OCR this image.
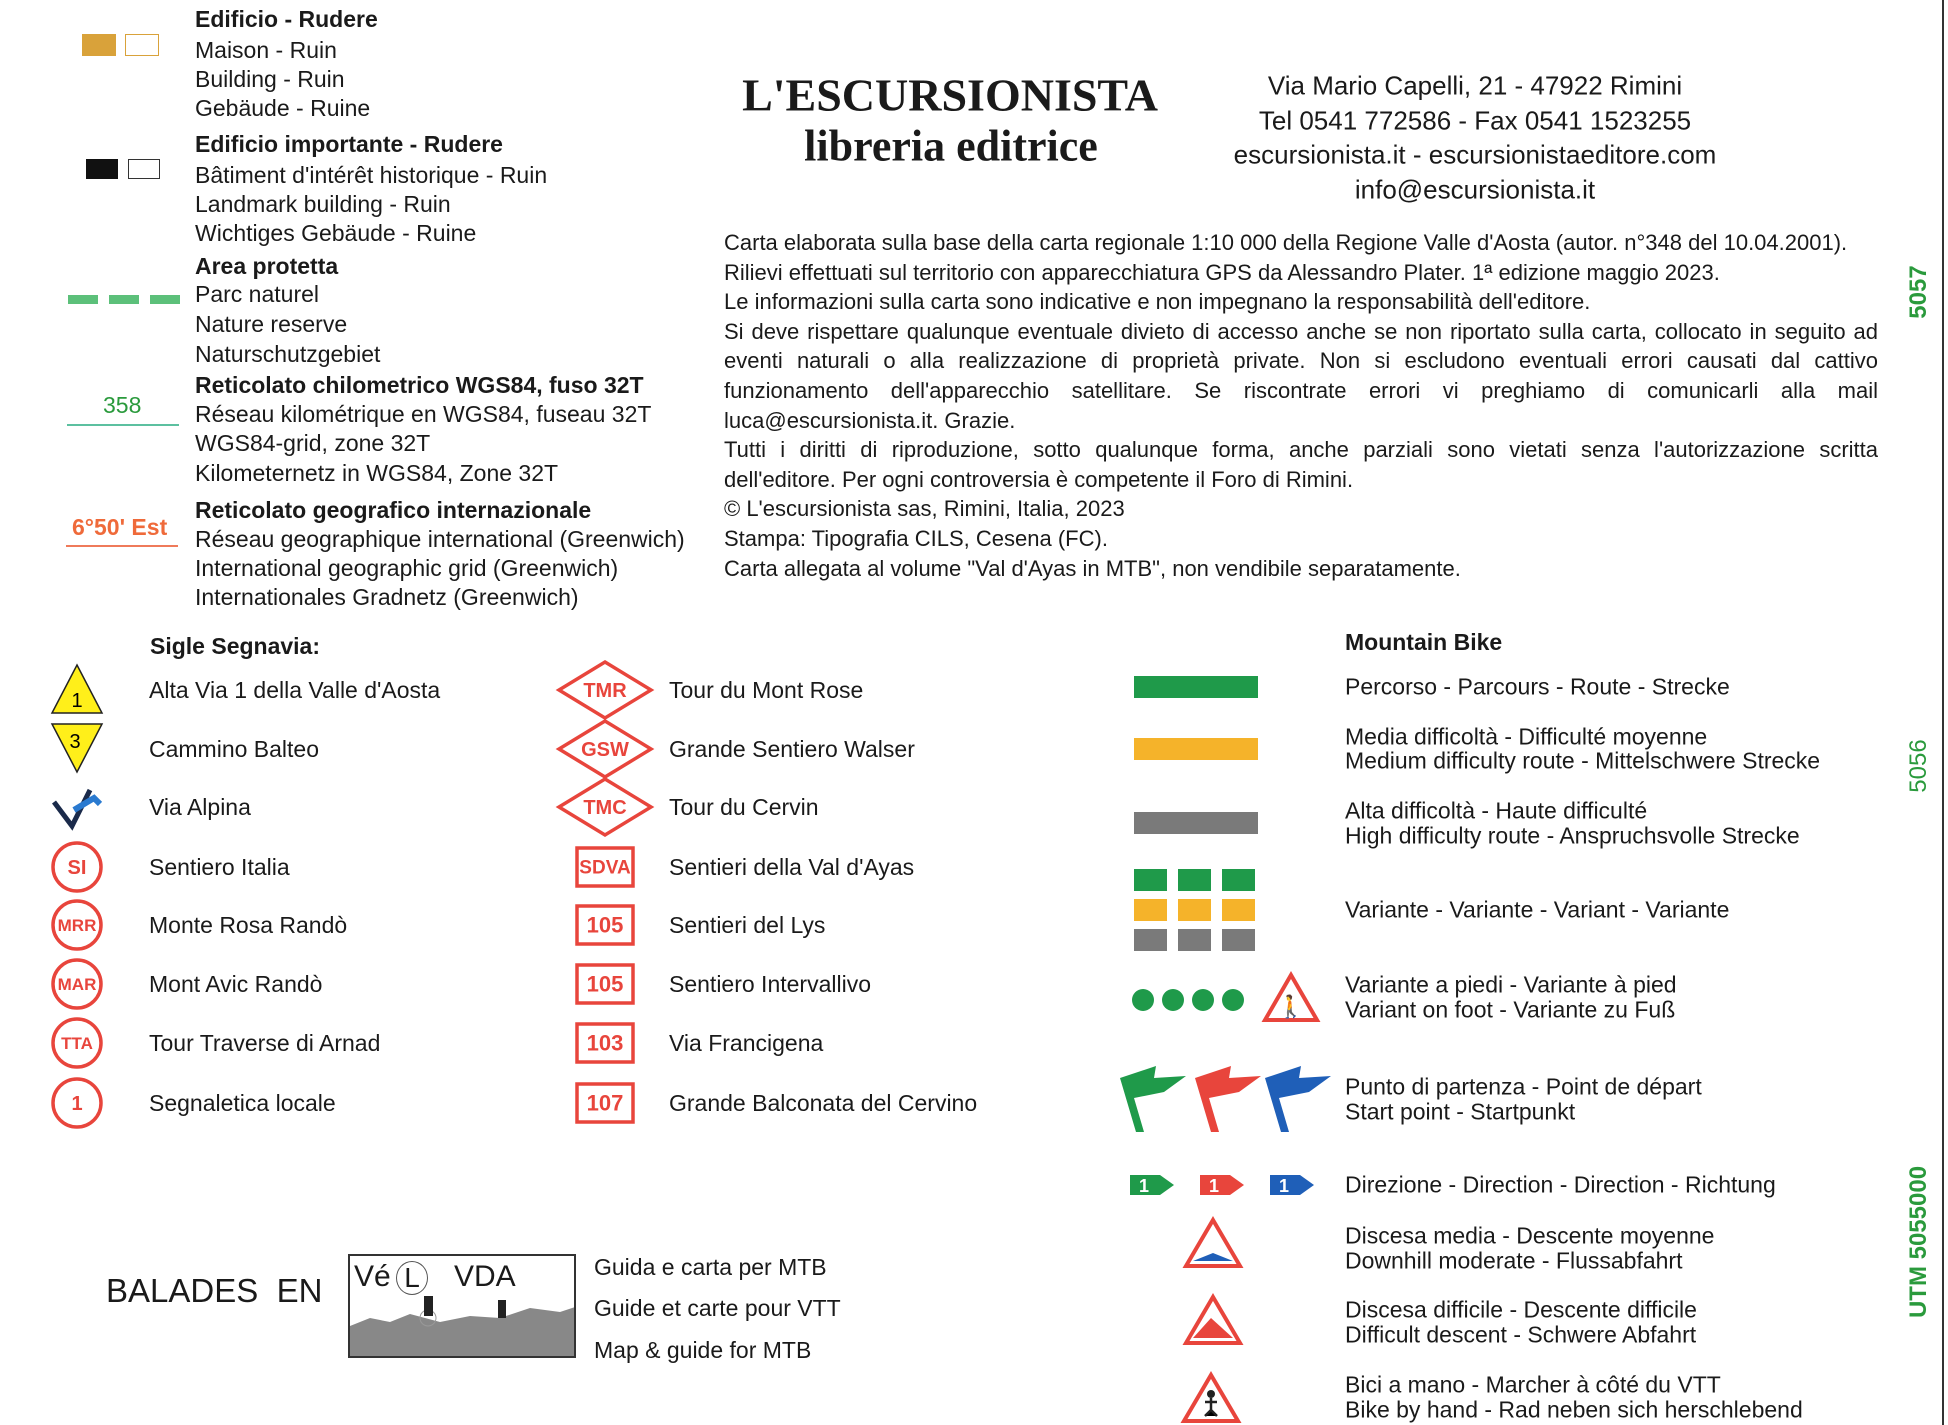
358
6°50' Est
Edificio - Rudere
Maison - Ruin
Building - Ruin
Gebäude - Ruine
Edificio importante - Rudere
Bâtiment d'intérêt historique - Ruin
Landmark building - Ruin
Wichtiges Gebäude - Ruine
Area protetta
Parc naturel
Nature reserve
Naturschutzgebiet
Reticolato chilometrico WGS84, fuso 32T
Réseau kilométrique en WGS84, fuseau 32T
WGS84-grid, zone 32T
Kilometernetz in WGS84, Zone 32T
Reticolato geografico internazionale
Réseau geographique international (Greenwich)
International geographic grid (Greenwich)
Internationales Gradnetz (Greenwich)
L'ESCURSIONISTA
libreria editrice
Via Mario Capelli, 21 - 47922 Rimini
Tel 0541 772586 - Fax 0541 1523255
escursionista.it - escursionistaeditore.com
info@escursionista.it

Carta elaborata sulla base della carta regionale 1:10 000 della Regione Valle d'Aosta (autor. n°348 del 10.04.2001).

Rilievi effettuati sul territorio con apparecchiatura GPS da Alessandro Plater. 1ª edizione maggio 2023.

Le informazioni sulla carta sono indicative e non impegnano la responsabilità dell'editore.

Si deve rispettare qualunque eventuale divieto di accesso anche se non riportato sulla carta, collocato in seguito ad eventi naturali o alla realizzazione di proprietà private. Non si escludono eventuali errori causati dal cattivo funzionamento dell'apparecchio satellitare. Se riscontrate errori vi preghiamo di comunicarli alla mail luca@escursionista.it. Grazie.

Tutti i diritti di riproduzione, sotto qualunque forma, anche parziali sono vietati senza l'autorizzazione scritta dell'editore. Per ogni controversia è competente il Foro di Rimini.

© L'escursionista sas, Rimini, Italia, 2023

Stampa: Tipografia CILS, Cesena (FC).

Carta allegata al volume "Val d'Ayas in MTB", non vendibile separatamente.

5057
5056
UTM 5055000
Sigle Segnavia:
1	Alta Via 1 della Valle d'Aosta
3	Cammino Balteo
Via Alpina
SI	Sentiero Italia
MRR Monte Rosa Randò
MAR Mont Avic Randò
TTA Tour Traverse di Arnad
1	Segnaletica locale
TMR Tour du Mont Rose
GSW Grande Sentiero Walser
TMC Tour du Cervin
SDVA Sentieri della Val d'Ayas
105 Sentieri del Lys
105 Sentiero Intervallivo
103 Via Francigena
107 Grande Balconata del Cervino
Mountain Bike
Percorso - Parcours - Route - Strecke
Media difficoltà - Difficulté moyenne
Medium difficulty route - Mittelschwere Strecke
Alta difficoltà - Haute difficulté
High difficulty route - Anspruchsvolle Strecke
Variante - Variante - Variant - Variante
Variante a piedi - Variante à pied
Variant on foot - Variante zu Fuß
Punto di partenza - Point de départ
Start point - Startpunkt
Direzione - Direction - Direction - Richtung
Discesa media - Descente moyenne
Downhill moderate - Flussabfahrt
Discesa difficile - Descente difficile
Difficult descent - Schwere Abfahrt
Bici a mano - Marcher à côté du VTT
Bike by hand - Rad neben sich herschlebend
🚶
1	1	1
BALADES  EN Vé L VDA	Guida e carta per MTB
Guide et carte pour VTT
Map & guide for MTB
